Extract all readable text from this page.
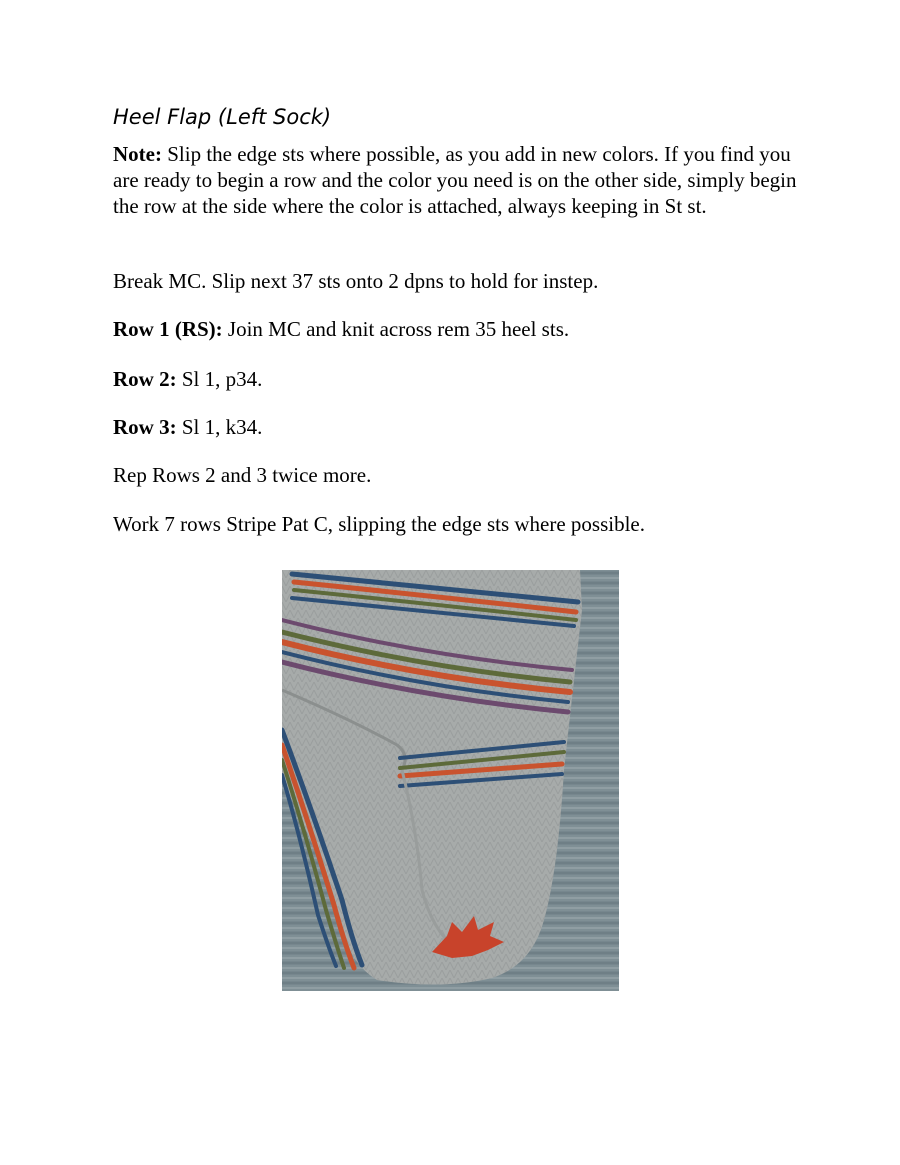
Heel Flap (Left Sock)

Note: Slip the edge sts where possible, as you add in new colors. If you find you are ready to begin a row and the color you need is on the other side, simply begin the row at the side where the color is attached, always keeping in St st.

Break MC. Slip next 37 sts onto 2 dpns to hold for instep.

Row 1 (RS): Join MC and knit across rem 35 heel sts.

Row 2: Sl 1, p34.

Row 3: Sl 1, k34.

Rep Rows 2 and 3 twice more.

Work 7 rows Stripe Pat C, slipping the edge sts where possible.
